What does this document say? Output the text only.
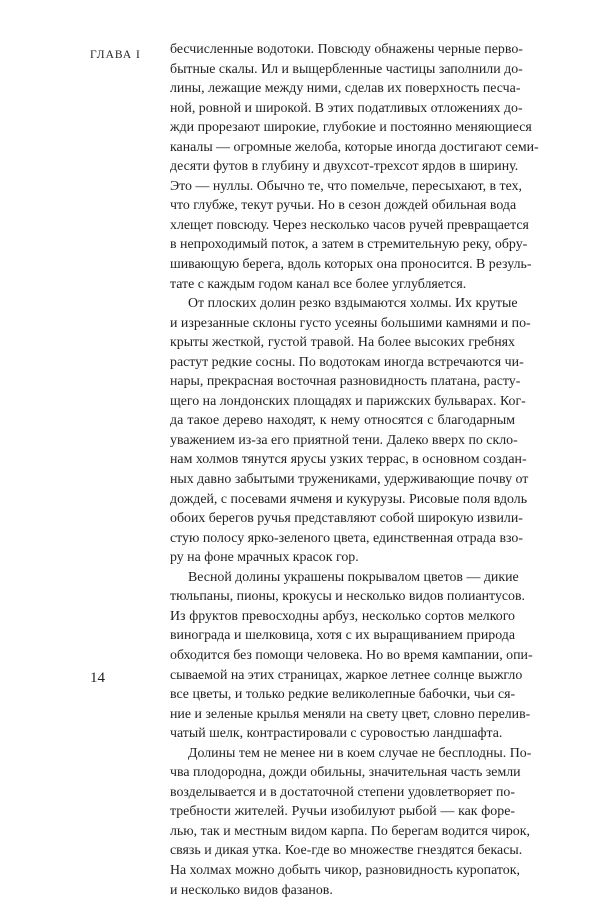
ГЛАВА I бесчисленные водотоки. Повсюду обнажены черные перво-
бытные скалы. Ил и выщербленные частицы заполнили до-
лины, лежащие между ними, сделав их поверхность песча-
ной, ровной и широкой. В этих податливых отложениях до-
жди прорезают широкие, глубокие и постоянно меняющиеся
каналы — огромные желоба, которые иногда достигают семи-
десяти футов в глубину и двухсот-трехсот ярдов в ширину.
Это — нуллы. Обычно те, что помельче, пересыхают, в тех,
что глубже, текут ручьи. Но в сезон дождей обильная вода
хлещет повсюду. Через несколько часов ручей превращается
в непроходимый поток, а затем в стремительную реку, обру-
шивающую берега, вдоль которых она проносится. В резуль-
тате с каждым годом канал все более углубляется.
От плоских долин резко вздымаются холмы. Их крутые
и изрезанные склоны густо усеяны большими камнями и по-
крыты жесткой, густой травой. На более высоких гребнях
растут редкие сосны. По водотокам иногда встречаются чи-
нары, прекрасная восточная разновидность платана, расту-
щего на лондонских площадях и парижских бульварах. Ког-
да такое дерево находят, к нему относятся с благодарным
уважением из-за его приятной тени. Далеко вверх по скло-
нам холмов тянутся ярусы узких террас, в основном создан-
ных давно забытыми тружениками, удерживающие почву от
дождей, с посевами ячменя и кукурузы. Рисовые поля вдоль
обоих берегов ручья представляют собой широкую извили-
стую полосу ярко-зеленого цвета, единственная отрада взо-
ру на фоне мрачных красок гор.
Весной долины украшены покрывалом цветов — дикие
тюльпаны, пионы, крокусы и несколько видов полиантусов.
Из фруктов превосходны арбуз, несколько сортов мелкого
винограда и шелковица, хотя с их выращиванием природа
обходится без помощи человека. Но во время кампании, опи-
сываемой на этих страницах, жаркое летнее солнце выжгло
все цветы, и только редкие великолепные бабочки, чьи ся-
ние и зеленые крылья меняли на свету цвет, словно перелив-
чатый шелк, контрастировали с суровостью ландшафта.
Долины тем не менее ни в коем случае не бесплодны. По-
чва плодородна, дожди обильны, значительная часть земли
возделывается и в достаточной степени удовлетворяет по-
требности жителей. Ручьи изобилуют рыбой — как форе-
лью, так и местным видом карпа. По берегам водится чирок,
связь и дикая утка. Кое-где во множестве гнездятся бекасы.
На холмах можно добыть чикор, разновидность куропаток,
и несколько видов фазанов.
14
